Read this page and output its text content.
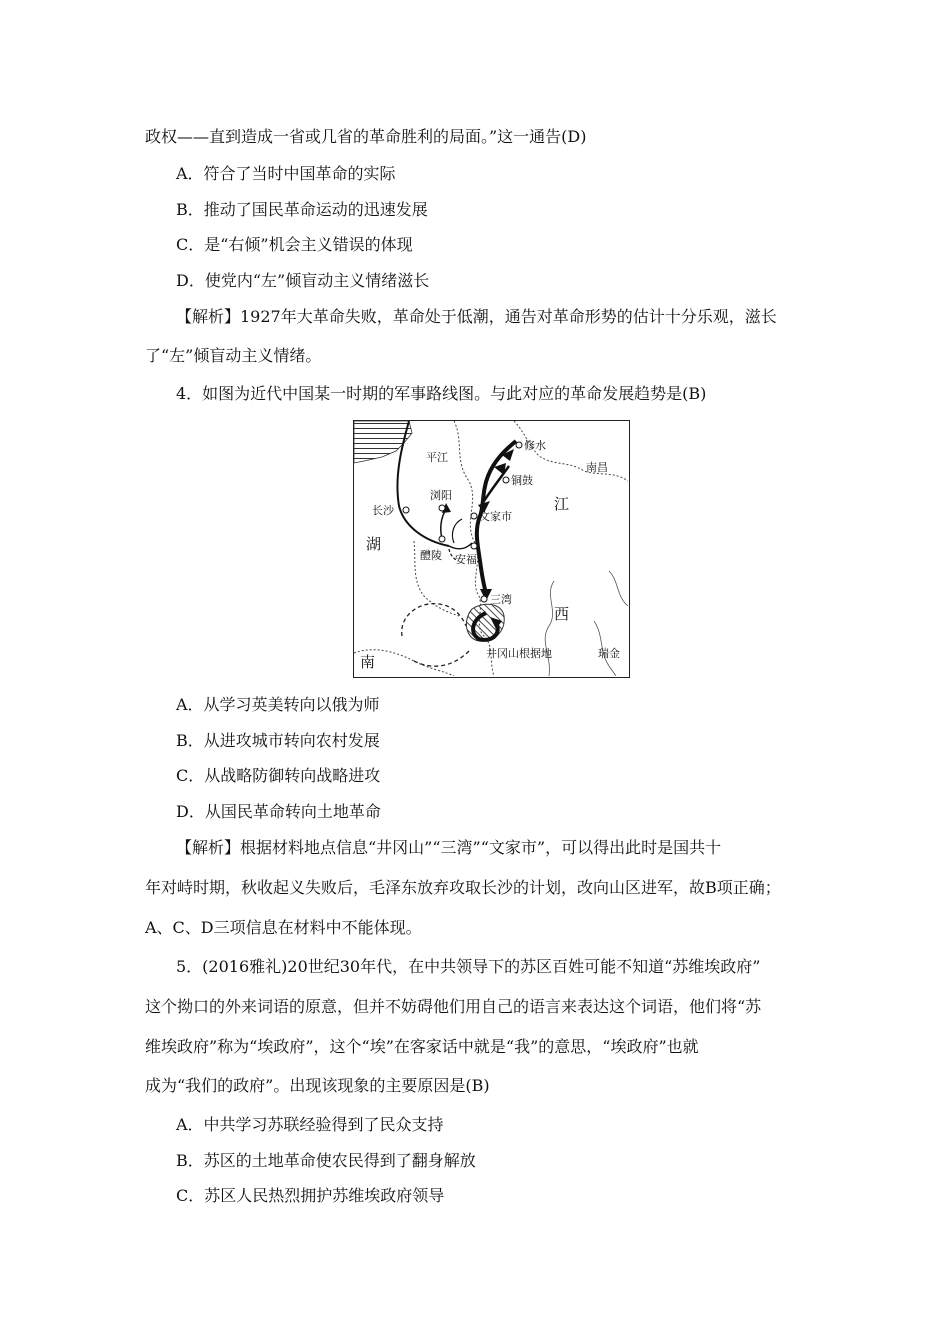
政权——直到造成一省或几省的革命胜利的局面。”这一通告(D)
A．符合了当时中国革命的实际
B．推动了国民革命运动的迅速发展
C．是“右倾”机会主义错误的体现
D．使党内“左”倾盲动主义情绪滋长
【解析】1927年大革命失败，革命处于低潮，通告对革命形势的估计十分乐观，滋长
了“左”倾盲动主义情绪。
4．如图为近代中国某一时期的军事路线图。与此对应的革命发展趋势是(B)
修水
平江
铜鼓
南昌
浏阳
文家市
长沙	江
湖
醴陵 安福
三湾
西
南	井冈山根据地	瑞金
A．从学习英美转向以俄为师
B．从进攻城市转向农村发展
C．从战略防御转向战略进攻
D．从国民革命转向土地革命
【解析】根据材料地点信息“井冈山”“三湾”“文家市”，可以得出此时是国共十
年对峙时期，秋收起义失败后，毛泽东放弃攻取长沙的计划，改向山区进军，故B项正确；
A、C、D三项信息在材料中不能体现。
5．(2016雅礼)20世纪30年代，在中共领导下的苏区百姓可能不知道“苏维埃政府”
这个拗口的外来词语的原意，但并不妨碍他们用自己的语言来表达这个词语，他们将“苏
维埃政府”称为“埃政府”，这个“埃”在客家话中就是“我”的意思，“埃政府”也就
成为“我们的政府”。出现该现象的主要原因是(B)
A．中共学习苏联经验得到了民众支持
B．苏区的土地革命使农民得到了翻身解放
C．苏区人民热烈拥护苏维埃政府领导
